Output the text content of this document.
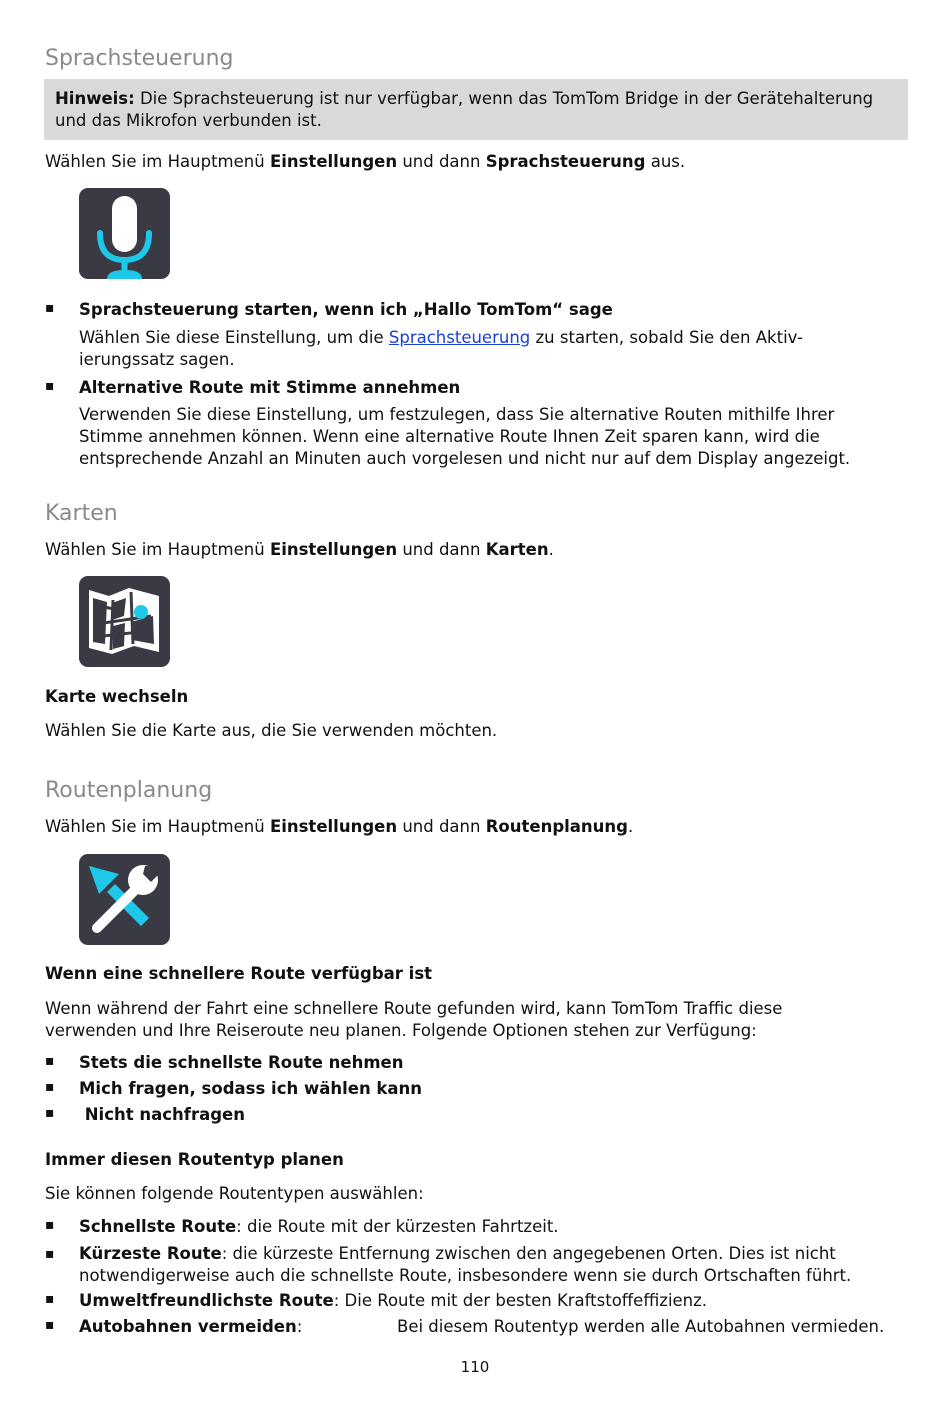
Sprachsteuerung
Hinweis: Die Sprachsteuerung ist nur verfügbar, wenn das TomTom Bridge in der Gerätehalterung und das Mikrofon verbunden ist.

Wählen Sie im Hauptmenü Einstellungen und dann Sprachsteuerung aus.

▪ Sprachsteuerung starten, wenn ich „Hallo TomTom“ sage

Wählen Sie diese Einstellung, um die Sprachsteuerung zu starten, sobald Sie den Aktiv-
ierungssatz sagen.

▪ Alternative Route mit Stimme annehmen

Verwenden Sie diese Einstellung, um festzulegen, dass Sie alternative Routen mithilfe Ihrer
Stimme annehmen können. Wenn eine alternative Route Ihnen Zeit sparen kann, wird die
entsprechende Anzahl an Minuten auch vorgelesen und nicht nur auf dem Display angezeigt.

Karten

Wählen Sie im Hauptmenü Einstellungen und dann Karten.

Karte wechseln

Wählen Sie die Karte aus, die Sie verwenden möchten.

Routenplanung

Wählen Sie im Hauptmenü Einstellungen und dann Routenplanung.

Wenn eine schnellere Route verfügbar ist

Wenn während der Fahrt eine schnellere Route gefunden wird, kann TomTom Traffic diese
verwenden und Ihre Reiseroute neu planen. Folgende Optionen stehen zur Verfügung:

▪ Stets die schnellste Route nehmen
▪ Mich fragen, sodass ich wählen kann
▪ Nicht nachfragen

Immer diesen Routentyp planen

Sie können folgende Routentypen auswählen:

▪ Schnellste Route: die Route mit der kürzesten Fahrtzeit.
▪ Kürzeste Route: die kürzeste Entfernung zwischen den angegebenen Orten. Dies ist nicht
notwendigerweise auch die schnellste Route, insbesondere wenn sie durch Ortschaften führt.
▪ Umweltfreundlichste Route: Die Route mit der besten Kraftstoffeffizienz.
▪ Autobahnen vermeiden:	Bei diesem Routentyp werden alle Autobahnen vermieden.
110
